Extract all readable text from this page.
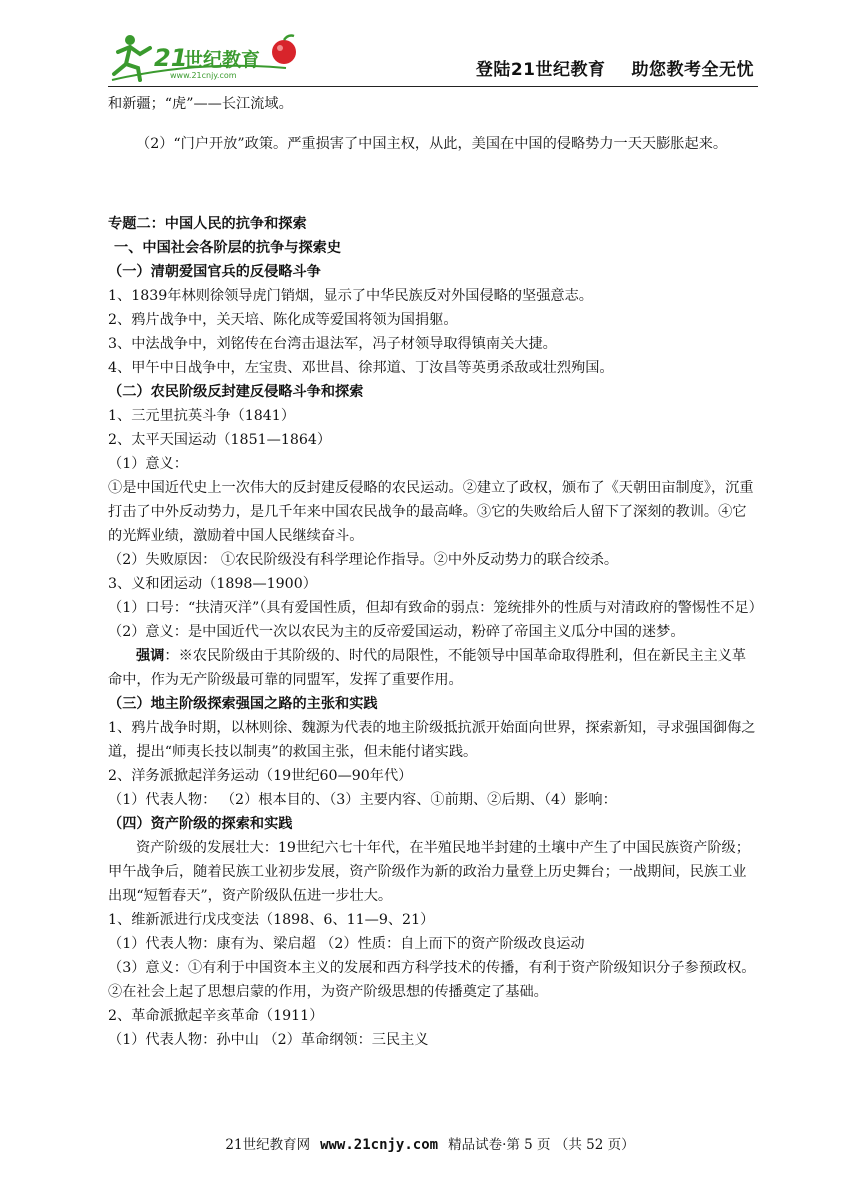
21
世纪教育
www.21cnjy.com	登陆21世纪教育 助您教考全无忧

和新疆；“虎”——长江流域。

（2）“门户开放”政策。严重损害了中国主权，从此，美国在中国的侵略势力一天天膨胀起来。

专题二：中国人民的抗争和探索

一、中国社会各阶层的抗争与探索史

（一）清朝爱国官兵的反侵略斗争

1、1839年林则徐领导虎门销烟，显示了中华民族反对外国侵略的坚强意志。

2、鸦片战争中，关天培、陈化成等爱国将领为国捐躯。

3、中法战争中，刘铭传在台湾击退法军，冯子材领导取得镇南关大捷。

4、甲午中日战争中，左宝贵、邓世昌、徐邦道、丁汝昌等英勇杀敌或壮烈殉国。

（二）农民阶级反封建反侵略斗争和探索

1、三元里抗英斗争（1841）

2、太平天国运动（1851—1864）

（1）意义：

①是中国近代史上一次伟大的反封建反侵略的农民运动。②建立了政权，颁布了《天朝田亩制度》，沉重打击了中外反动势力，是几千年来中国农民战争的最高峰。③它的失败给后人留下了深刻的教训。④它的光辉业绩，激励着中国人民继续奋斗。

（2）失败原因： ①农民阶级没有科学理论作指导。②中外反动势力的联合绞杀。

3、义和团运动（1898—1900）

（1）口号：“扶清灭洋”（具有爱国性质，但却有致命的弱点：笼统排外的性质与对清政府的警惕性不足）

（2）意义：是中国近代一次以农民为主的反帝爱国运动，粉碎了帝国主义瓜分中国的迷梦。

强调：※农民阶级由于其阶级的、时代的局限性，不能领导中国革命取得胜利，但在新民主主义革命中，作为无产阶级最可靠的同盟军，发挥了重要作用。

（三）地主阶级探索强国之路的主张和实践

1、鸦片战争时期，以林则徐、魏源为代表的地主阶级抵抗派开始面向世界，探索新知，寻求强国御侮之道，提出“师夷长技以制夷”的救国主张，但未能付诸实践。

2、洋务派掀起洋务运动（19世纪60—90年代）

（1）代表人物： （2）根本目的、（3）主要内容、①前期、②后期、（4）影响：

（四）资产阶级的探索和实践

资产阶级的发展壮大：19世纪六七十年代，在半殖民地半封建的土壤中产生了中国民族资产阶级；甲午战争后，随着民族工业初步发展，资产阶级作为新的政治力量登上历史舞台；一战期间，民族工业出现“短暂春天”，资产阶级队伍进一步壮大。

1、维新派进行戊戌变法（1898、6、11—9、21）

（1）代表人物：康有为、梁启超 （2）性质：自上而下的资产阶级改良运动

（3）意义：①有利于中国资本主义的发展和西方科学技术的传播，有利于资产阶级知识分子参预政权。②在社会上起了思想启蒙的作用，为资产阶级思想的传播奠定了基础。

2、革命派掀起辛亥革命（1911）

（1）代表人物：孙中山 （2）革命纲领：三民主义

21世纪教育网 www.21cnjy.com 精品试卷·第 5 页 （共 52 页）
